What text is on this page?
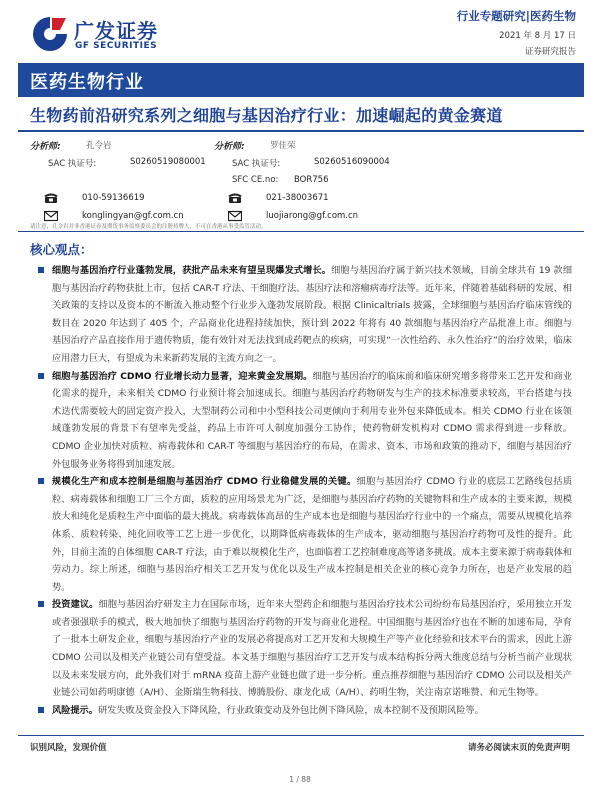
广发证券
GF SECURITIES
行业专题研究|医药生物
2021 年 8 月 17 日
证券研究报告
医药生物行业
生物药前沿研究系列之细胞与基因治疗行业：加速崛起的黄金赛道
分析师:	孔令岩
SAC 执证号:	S0260519080001
010-59136619
konglingyan@gf.com.cn
分析师:	罗佳荣
SAC 执证号:	S0260516090004
SFC CE.no: BOR756
021-38003671
luojiarong@gf.com.cn
请注意，孔令岩并非香港证券及期货事务监察委员会的注册持牌人，不可在香港从事受监管活动。
核心观点：
细胞与基因治疗行业蓬勃发展，获批产品未来有望呈现爆发式增长。细胞与基因治疗属于新兴技术领域，目前全球共有 19 款细胞与基因治疗药物获批上市，包括 CAR-T 疗法、干细胞疗法、基因疗法和溶瘤病毒疗法等。近年来，伴随着基础科研的发展、相关政策的支持以及资本的不断流入推动整个行业步入蓬勃发展阶段。根据 Clinicaltrials 披露，全球细胞与基因治疗临床管线的数目在 2020 年达到了 405 个，产品商业化进程持续加快，预计到 2022 年将有 40 款细胞与基因治疗产品批准上市。细胞与基因治疗产品直接作用于遗传物质，能有效针对无法找到成药靶点的疾病，可实现“一次性给药、永久性治疗”的治疗效果，临床应用潜力巨大，有望成为未来新药发展的主流方向之一。
细胞与基因治疗 CDMO 行业增长动力显著，迎来黄金发展期。细胞与基因治疗的临床前和临床研究增多将带来工艺开发和商业化需求的提升，未来相关 CDMO 行业预计将会加速成长。细胞与基因治疗药物研发与生产的技术标准要求较高，平台搭建与技术迭代需要较大的固定资产投入，大型制药公司和中小型科技公司更倾向于利用专业外包来降低成本。相关 CDMO 行业在该领域蓬勃发展的背景下有望率先受益，药品上市许可人制度加强分工协作，使药物研发机构对 CDMO 需求得到进一步释放。CDMO 企业加快对质粒、病毒载体和 CAR-T 等细胞与基因治疗的布局，在需求、资本、市场和政策的推动下，细胞与基因治疗外包服务业务将得到加速发展。
规模化生产和成本控制是细胞与基因治疗 CDMO 行业稳健发展的关键。细胞与基因治疗 CDMO 行业的底层工艺路线包括质粒、病毒载体和细胞工厂三个方面，质粒的应用场景尤为广泛，是细胞与基因治疗药物的关键物料和生产成本的主要来源，规模放大和纯化是质粒生产中面临的最大挑战。病毒载体高昂的生产成本也是细胞与基因治疗行业中的一个痛点，需要从规模化培养体系、质粒转染、纯化回收等工艺上进一步优化，以期降低病毒载体的生产成本，驱动细胞与基因治疗药物可及性的提升。此外，目前主流的自体细胞 CAR-T 疗法，由于难以规模化生产，也面临着工艺控制难度高等诸多挑战。成本主要来源于病毒载体和劳动力。综上所述，细胞与基因治疗相关工艺开发与优化以及生产成本控制是相关企业的核心竞争力所在，也是产业发展的趋势。
投资建议。细胞与基因治疗研发主力在国际市场，近年来大型药企和细胞与基因治疗技术公司纷纷布局基因治疗，采用独立开发或者强强联手的模式，极大地加快了细胞与基因治疗药物的开发与商业化进程。中国细胞与基因治疗也在不断的加速布局，孕育了一批本土研发企业，细胞与基因治疗产业的发展必将提高对工艺开发和大规模生产等产业化经验和技术平台的需求，因此上游 CDMO 公司以及相关产业链公司有望受益。本文基于细胞与基因治疗工艺开发与成本结构拆分两大维度总结与分析当前产业现状以及未来发展方向，此外我们对于 mRNA 疫苗上游产业链也做了进一步分析。重点推荐细胞与基因治疗 CDMO 公司以及相关产业链公司如药明康德（A/H）、金斯瑞生物科技、博腾股份、康龙化成（A/H）、药明生物，关注南京诺唯赞、和元生物等。
风险提示。研发失败及资金投入下降风险，行业政策变动及外包比例下降风险，成本控制不及预期风险等。
识别风险，发现价值	请务必阅读末页的免责声明
1 / 88
